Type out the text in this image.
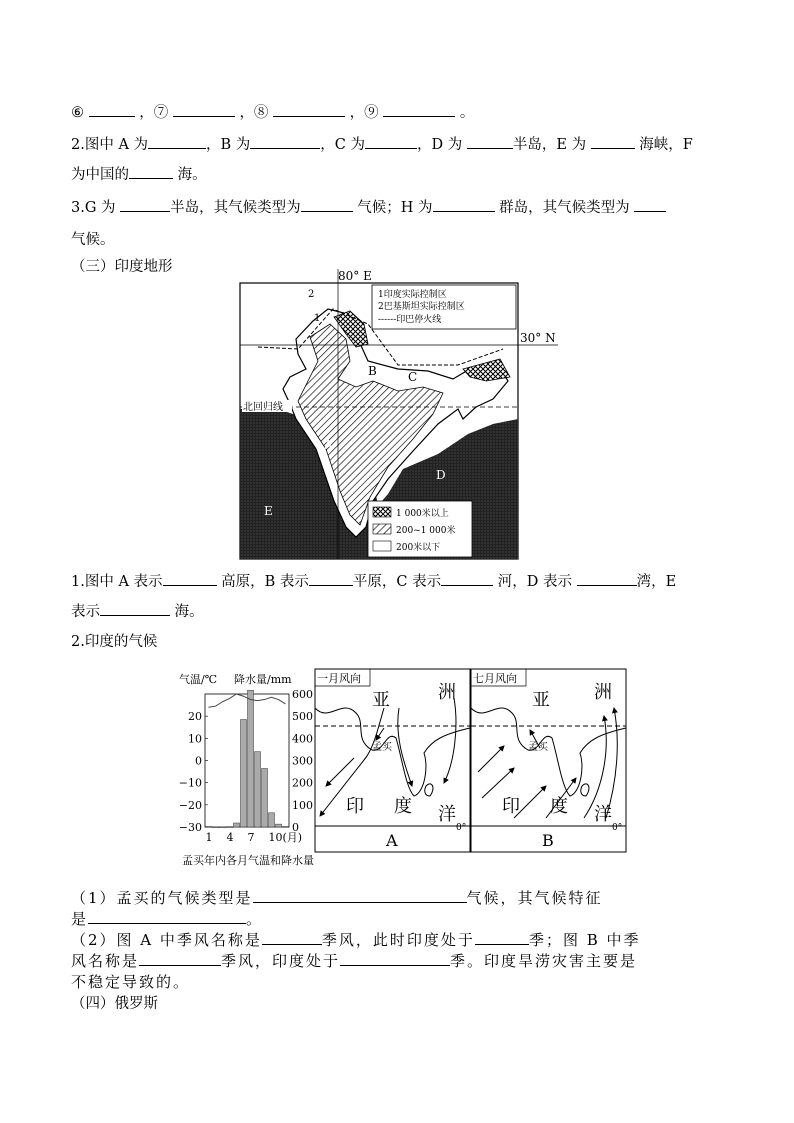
⑥	，⑦	，⑧	，⑨	。
2.图中 A 为	，B 为	，C 为	，D 为	半岛，E 为	海峡，F
为中国的	海。
3.G 为	半岛，其气候类型为	气候；H 为	群岛，其气候类型为
气候。
（三）印度地形
1印度实际控制区
2巴基斯坦实际控制区
------印巴停火线
80° E
30° N
北回归线
2
1
A
B	C
D
E	1 000米以上
200~1 000米
200米以下
1.图中 A 表示	高原，B 表示	平原，C 表示	河，D 表示	湾，E
表示	海。
2.印度的气候
气温/℃ 降水量/mm
20
10
0
−10
−20
−30
600
500
400
300
200
100
0
1 4 7 10(月)
孟买年内各月气温和降水量
一月风向
亚	洲
孟买
印 度 洋
0°
A
七月风向
亚 洲
孟买
印 度 洋
0°
B
（1）孟买的气候类型是	气候，其气候特征
是	。
（2）图 A 中季风名称是	季风，此时印度处于	季；图 B 中季
风名称是	季风，印度处于	季。印度旱涝灾害主要是
不稳定导致的。
（四）俄罗斯
